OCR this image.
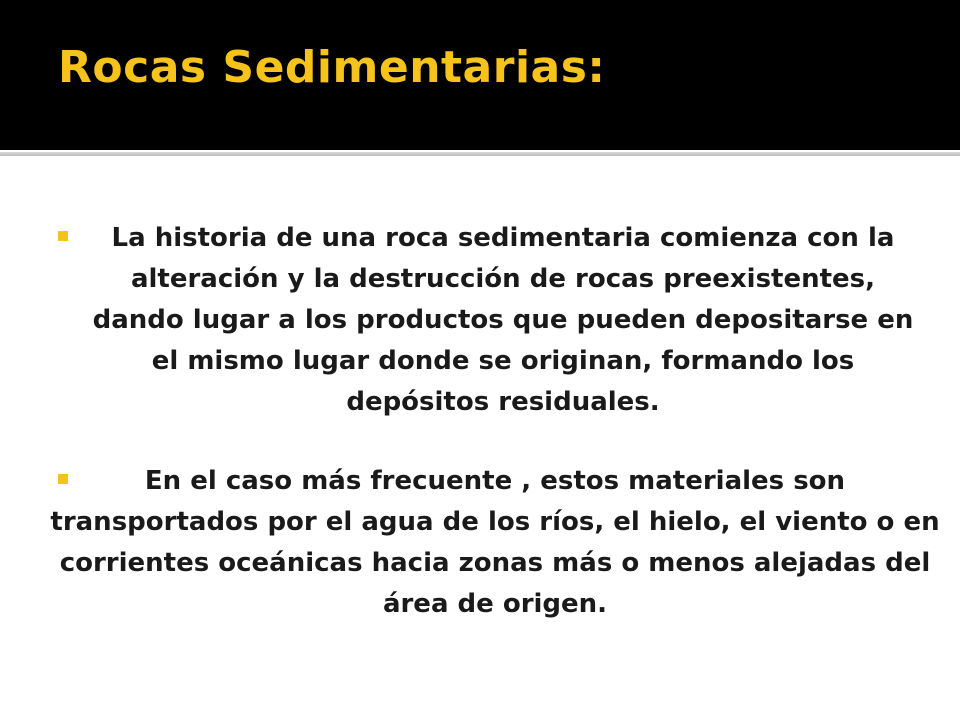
Rocas Sedimentarias:

La historia de una roca sedimentaria comienza con la alteración y la destrucción de rocas preexistentes, dando lugar a los productos que pueden depositarse en el mismo lugar donde se originan, formando los depósitos residuales.

En el caso más frecuente , estos materiales son transportados por el agua de los ríos, el hielo, el viento o en corrientes oceánicas hacia zonas más o menos alejadas del área de origen.
